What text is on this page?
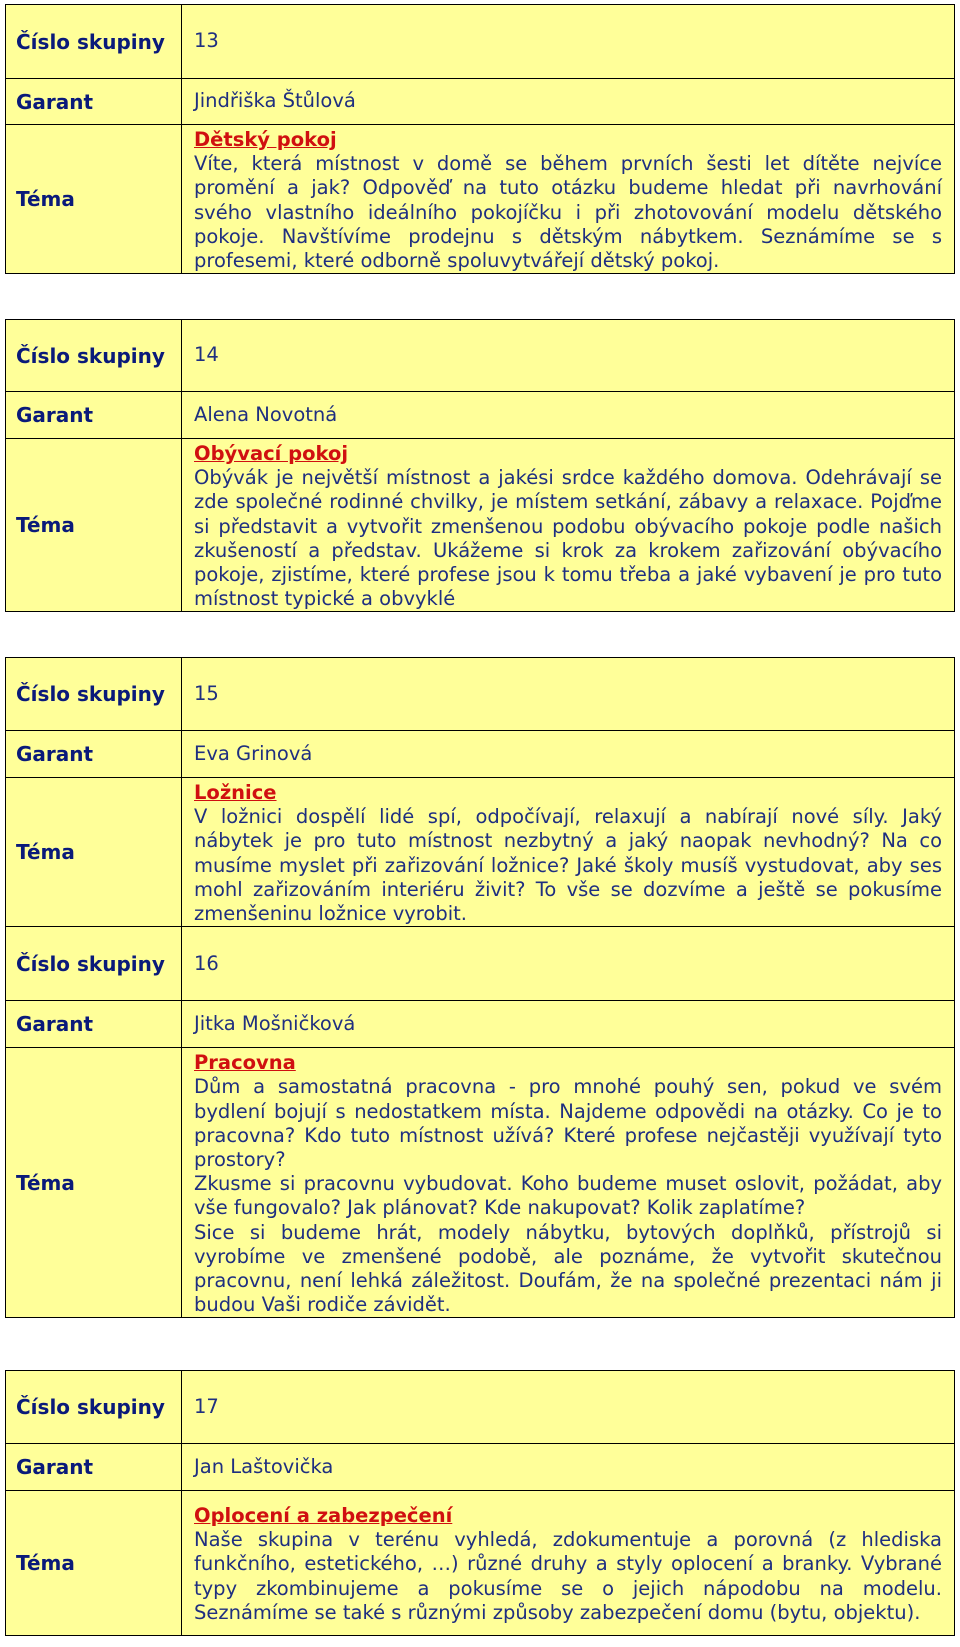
Číslo skupiny	13
Garant	Jindřiška Štůlová
Téma	Dětský pokoj
Víte, která místnost v domě se během prvních šesti let dítěte nejvíce promění a jak? Odpověď na tuto otázku budeme hledat při navrhování svého vlastního ideálního pokojíčku i při zhotovování modelu dětského pokoje. Navštívíme prodejnu s dětským nábytkem. Seznámíme se s profesemi, které odborně spoluvytvářejí dětský pokoj.
Číslo skupiny	14
Garant	Alena Novotná
Téma	Obývací pokoj
Obývák je největší místnost a jakési srdce každého domova. Odehrávají se zde společné rodinné chvilky, je místem setkání, zábavy a relaxace. Pojďme si představit a vytvořit zmenšenou podobu obývacího pokoje podle našich zkušeností a představ. Ukážeme si krok za krokem zařizování obývacího pokoje, zjistíme, které profese jsou k tomu třeba a jaké vybavení je pro tuto místnost typické a obvyklé
Číslo skupiny	15
Garant	Eva Grinová
Téma	Ložnice
V ložnici dospělí lidé spí, odpočívají, relaxují a nabírají nové síly. Jaký nábytek je pro tuto místnost nezbytný a jaký naopak nevhodný? Na co musíme myslet při zařizování ložnice? Jaké školy musíš vystudovat, aby ses mohl zařizováním interiéru živit? To vše se dozvíme a ještě se pokusíme zmenšeninu ložnice vyrobit.

Číslo skupiny	16
Garant	Jitka Mošničková
Téma	Pracovna
Dům a samostatná pracovna - pro mnohé pouhý sen, pokud ve svém bydlení bojují s nedostatkem místa. Najdeme odpovědi na otázky. Co je to pracovna? Kdo tuto místnost užívá? Které profese nejčastěji využívají tyto prostory?
Zkusme si pracovnu vybudovat. Koho budeme muset oslovit, požádat, aby vše fungovalo? Jak plánovat? Kde nakupovat? Kolik zaplatíme?
Sice si budeme hrát, modely nábytku, bytových doplňků, přístrojů si vyrobíme ve zmenšené podobě, ale poznáme, že vytvořit skutečnou pracovnu, není lehká záležitost. Doufám, že na společné prezentaci nám ji budou Vaši rodiče závidět.
Číslo skupiny	17
Garant	Jan Laštovička
Téma	Oplocení a zabezpečení
Naše skupina v terénu vyhledá, zdokumentuje a porovná (z hlediska funkčního, estetického, …) různé druhy a styly oplocení a branky. Vybrané typy zkombinujeme a pokusíme se o jejich nápodobu na modelu. Seznámíme se také s různými způsoby zabezpečení domu (bytu, objektu).
